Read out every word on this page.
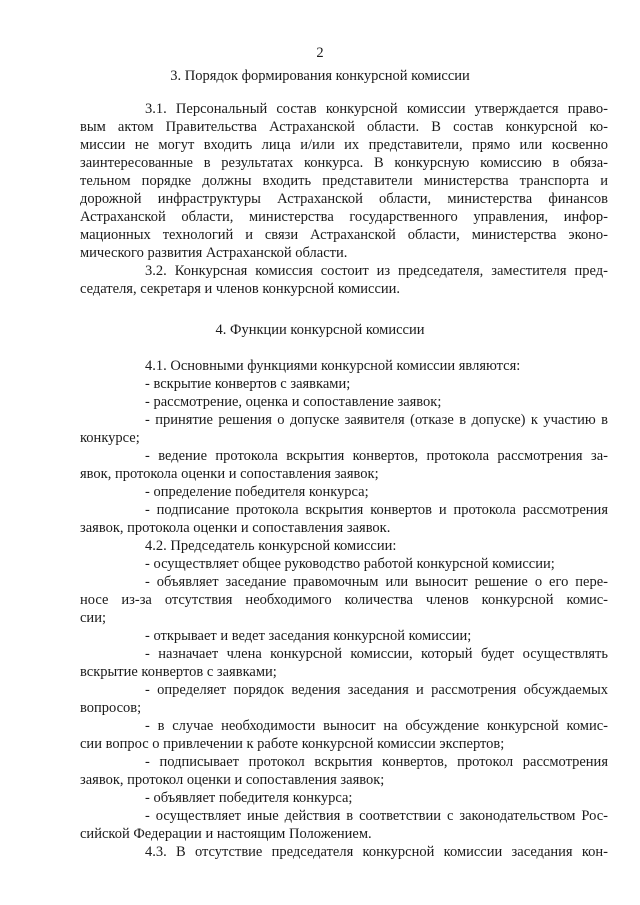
2
3. Порядок формирования конкурсной комиссии
3.1. Персональный состав конкурсной комиссии утверждается право-
вым актом Правительства Астраханской области. В состав конкурсной ко-
миссии не могут входить лица и/или их представители, прямо или косвенно
заинтересованные в результатах конкурса. В конкурсную комиссию в обяза-
тельном порядке должны входить представители министерства транспорта и
дорожной инфраструктуры Астраханской области, министерства финансов
Астраханской области, министерства государственного управления, инфор-
мационных технологий и связи Астраханской области, министерства эконо-
мического развития Астраханской области.
3.2. Конкурсная комиссия состоит из председателя, заместителя пред-
седателя, секретаря и членов конкурсной комиссии.
4. Функции конкурсной комиссии
4.1. Основными функциями конкурсной комиссии являются:
- вскрытие конвертов с заявками;
- рассмотрение, оценка и сопоставление заявок;
- принятие решения о допуске заявителя (отказе в допуске) к участию в
конкурсе;
- ведение протокола вскрытия конвертов, протокола рассмотрения за-
явок, протокола оценки и сопоставления заявок;
- определение победителя конкурса;
- подписание протокола вскрытия конвертов и протокола рассмотрения
заявок, протокола оценки и сопоставления заявок.
4.2. Председатель конкурсной комиссии:
- осуществляет общее руководство работой конкурсной комиссии;
- объявляет заседание правомочным или выносит решение о его пере-
носе из-за отсутствия необходимого количества членов конкурсной комис-
сии;
- открывает и ведет заседания конкурсной комиссии;
- назначает члена конкурсной комиссии, который будет осуществлять
вскрытие конвертов с заявками;
- определяет порядок ведения заседания и рассмотрения обсуждаемых
вопросов;
- в случае необходимости выносит на обсуждение конкурсной комис-
сии вопрос о привлечении к работе конкурсной комиссии экспертов;
- подписывает протокол вскрытия конвертов, протокол рассмотрения
заявок, протокол оценки и сопоставления заявок;
- объявляет победителя конкурса;
- осуществляет иные действия в соответствии с законодательством Рос-
сийской Федерации и настоящим Положением.
4.3. В отсутствие председателя конкурсной комиссии заседания кон-
